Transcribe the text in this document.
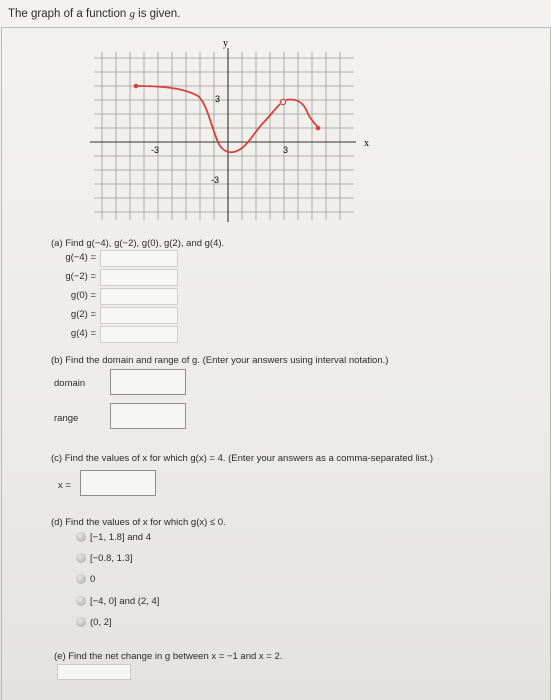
The graph of a function g is given.
y
x
-3	3
3
-3
(a) Find g(−4), g(−2), g(0), g(2), and g(4).
g(−4) =
g(−2) =
g(0) =
g(2) =
g(4) =
(b) Find the domain and range of g. (Enter your answers using interval notation.)
domain
range
(c) Find the values of x for which g(x) = 4. (Enter your answers as a comma-separated list.)
x =
(d) Find the values of x for which g(x) ≤ 0.
[−1, 1.8] and 4
[−0.8, 1.3]
0
[−4, 0] and (2, 4]
(0, 2]
(e) Find the net change in g between x = −1 and x = 2.
